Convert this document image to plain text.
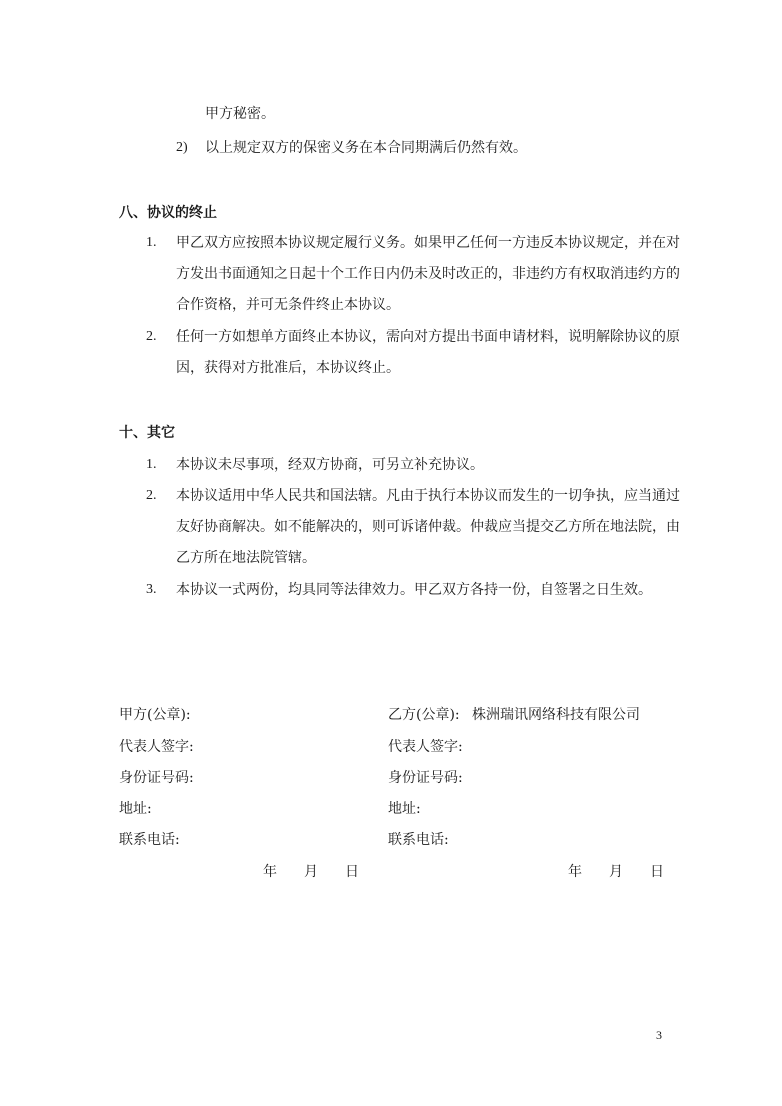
甲方秘密。
2) 以上规定双方的保密义务在本合同期满后仍然有效。
八、协议的终止
1. 甲乙双方应按照本协议规定履行义务。如果甲乙任何一方违反本协议规定，并在对
方发出书面通知之日起十个工作日内仍未及时改正的，非违约方有权取消违约方的
合作资格，并可无条件终止本协议。
2. 任何一方如想单方面终止本协议，需向对方提出书面申请材料，说明解除协议的原
因，获得对方批准后，本协议终止。
十、其它
1. 本协议未尽事项，经双方协商，可另立补充协议。
2. 本协议适用中华人民共和国法辖。凡由于执行本协议而发生的一切争执，应当通过
友好协商解决。如不能解决的，则可诉诸仲裁。仲裁应当提交乙方所在地法院，由
乙方所在地法院管辖。
3. 本协议一式两份，均具同等法律效力。甲乙双方各持一份，自签署之日生效。
甲方(公章):
代表人签字:
身份证号码:
地址:
联系电话:
乙方(公章): 株洲瑞讯网络科技有限公司
代表人签字:
身份证号码:
地址:
联系电话:
年 月 日	年 月 日
3
